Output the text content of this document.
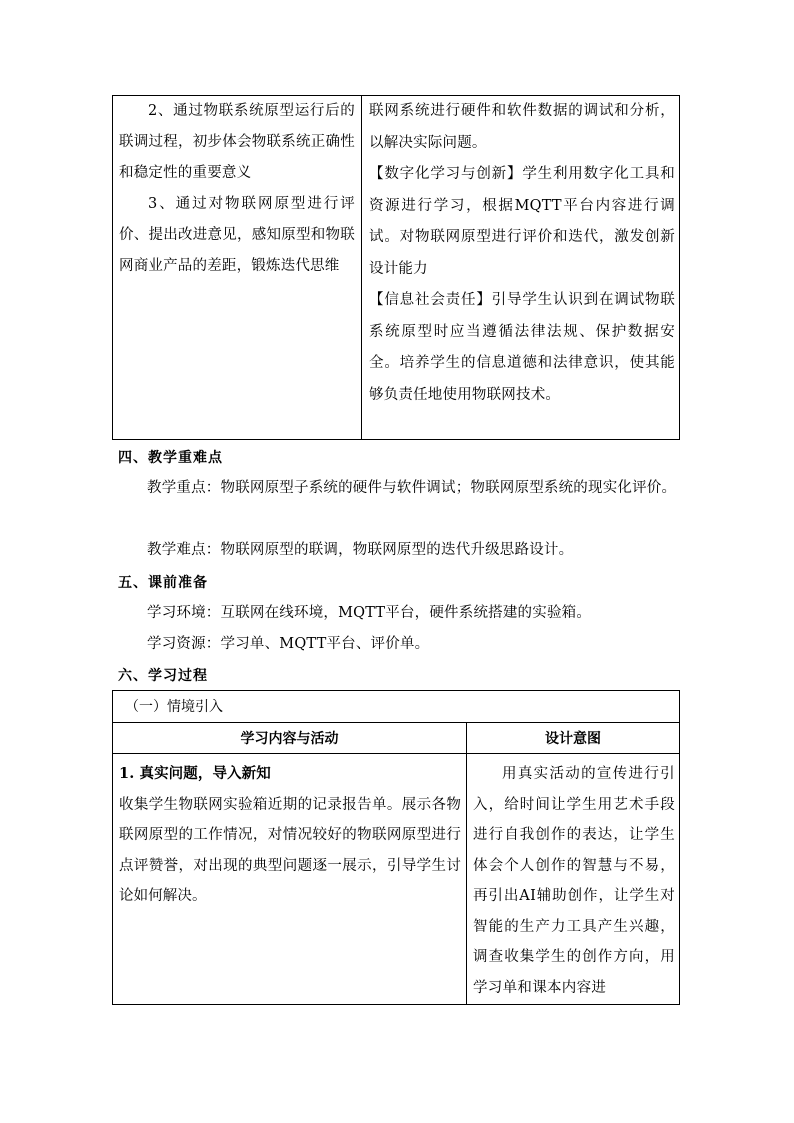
2、通过物联系统原型运行后的联调过程，初步体会物联系统正确性和稳定性的重要意义

3、通过对物联网原型进行评价、提出改进意见，感知原型和物联网商业产品的差距，锻炼迭代思维

联网系统进行硬件和软件数据的调试和分析，以解决实际问题。

【数字化学习与创新】学生利用数字化工具和资源进行学习，根据MQTT平台内容进行调试。对物联网原型进行评价和迭代，激发创新设计能力

【信息社会责任】引导学生认识到在调试物联系统原型时应当遵循法律法规、保护数据安全。培养学生的信息道德和法律意识，使其能够负责任地使用物联网技术。

四、教学重难点

教学重点：物联网原型子系统的硬件与软件调试；物联网原型系统的现实化评价。

教学难点：物联网原型的联调，物联网原型的迭代升级思路设计。

五、课前准备

学习环境：互联网在线环境，MQTT平台，硬件系统搭建的实验箱。

学习资源：学习单、MQTT平台、评价单。

六、学习过程
（一）情境引入
学习内容与活动	设计意图

1. 真实问题，导入新知

收集学生物联网实验箱近期的记录报告单。展示各物联网原型的工作情况，对情况较好的物联网原型进行点评赞誉，对出现的典型问题逐一展示，引导学生讨论如何解决。

用真实活动的宣传进行引入，给时间让学生用艺术手段进行自我创作的表达，让学生体会个人创作的智慧与不易，再引出AI辅助创作，让学生对智能的生产力工具产生兴趣，调查收集学生的创作方向，用学习单和课本内容进
